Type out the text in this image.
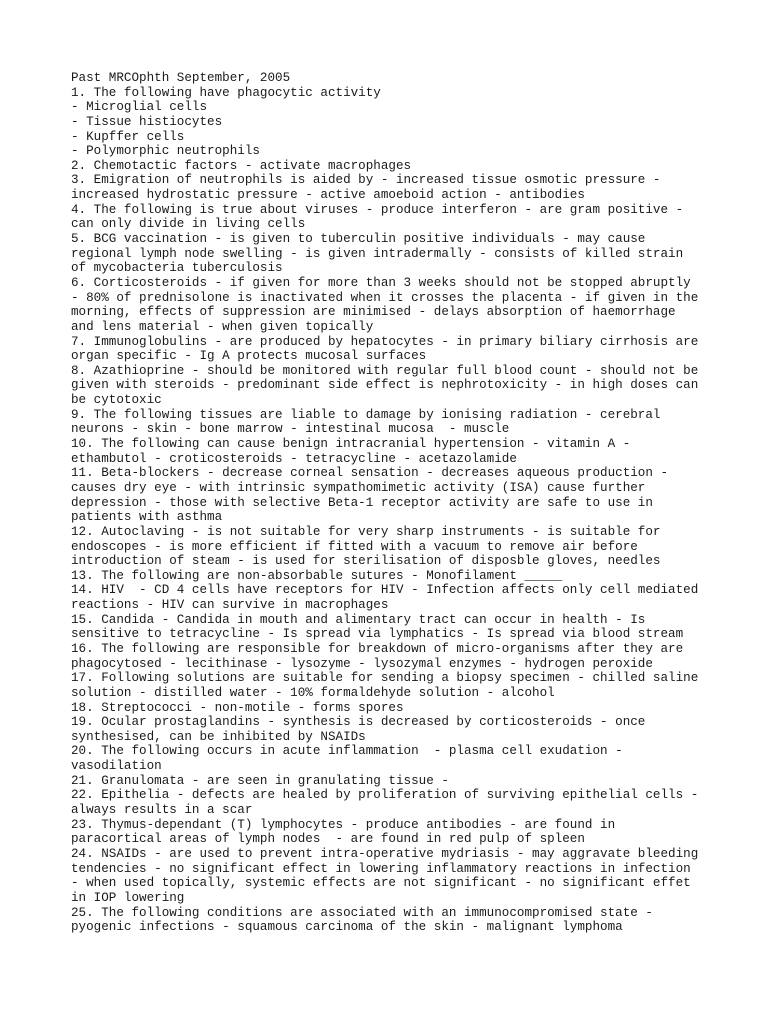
Past MRCOphth September, 2005
1. The following have phagocytic activity
- Microglial cells
- Tissue histiocytes
- Kupffer cells
- Polymorphic neutrophils
2. Chemotactic factors - activate macrophages
3. Emigration of neutrophils is aided by - increased tissue osmotic pressure -
increased hydrostatic pressure - active amoeboid action - antibodies
4. The following is true about viruses - produce interferon - are gram positive -
can only divide in living cells
5. BCG vaccination - is given to tuberculin positive individuals - may cause
regional lymph node swelling - is given intradermally - consists of killed strain
of mycobacteria tuberculosis
6. Corticosteroids - if given for more than 3 weeks should not be stopped abruptly
- 80% of prednisolone is inactivated when it crosses the placenta - if given in the
morning, effects of suppression are minimised - delays absorption of haemorrhage
and lens material - when given topically
7. Immunoglobulins - are produced by hepatocytes - in primary biliary cirrhosis are
organ specific - Ig A protects mucosal surfaces
8. Azathioprine - should be monitored with regular full blood count - should not be
given with steroids - predominant side effect is nephrotoxicity - in high doses can
be cytotoxic
9. The following tissues are liable to damage by ionising radiation - cerebral
neurons - skin - bone marrow - intestinal mucosa  - muscle
10. The following can cause benign intracranial hypertension - vitamin A -
ethambutol - croticosteroids - tetracycline - acetazolamide
11. Beta-blockers - decrease corneal sensation - decreases aqueous production -
causes dry eye - with intrinsic sympathomimetic activity (ISA) cause further
depression - those with selective Beta-1 receptor activity are safe to use in
patients with asthma
12. Autoclaving - is not suitable for very sharp instruments - is suitable for
endoscopes - is more efficient if fitted with a vacuum to remove air before
introduction of steam - is used for sterilisation of disposble gloves, needles
13. The following are non-absorbable sutures - Monofilament _____
14. HIV  - CD 4 cells have receptors for HIV - Infection affects only cell mediated
reactions - HIV can survive in macrophages
15. Candida - Candida in mouth and alimentary tract can occur in health - Is
sensitive to tetracycline - Is spread via lymphatics - Is spread via blood stream
16. The following are responsible for breakdown of micro-organisms after they are
phagocytosed - lecithinase - lysozyme - lysozymal enzymes - hydrogen peroxide
17. Following solutions are suitable for sending a biopsy specimen - chilled saline
solution - distilled water - 10% formaldehyde solution - alcohol
18. Streptococci - non-motile - forms spores
19. Ocular prostaglandins - synthesis is decreased by corticosteroids - once
synthesised, can be inhibited by NSAIDs
20. The following occurs in acute inflammation  - plasma cell exudation -
vasodilation
21. Granulomata - are seen in granulating tissue -
22. Epithelia - defects are healed by proliferation of surviving epithelial cells -
always results in a scar
23. Thymus-dependant (T) lymphocytes - produce antibodies - are found in
paracortical areas of lymph nodes  - are found in red pulp of spleen
24. NSAIDs - are used to prevent intra-operative mydriasis - may aggravate bleeding
tendencies - no significant effect in lowering inflammatory reactions in infection
- when used topically, systemic effects are not significant - no significant effet
in IOP lowering
25. The following conditions are associated with an immunocompromised state -
pyogenic infections - squamous carcinoma of the skin - malignant lymphoma
